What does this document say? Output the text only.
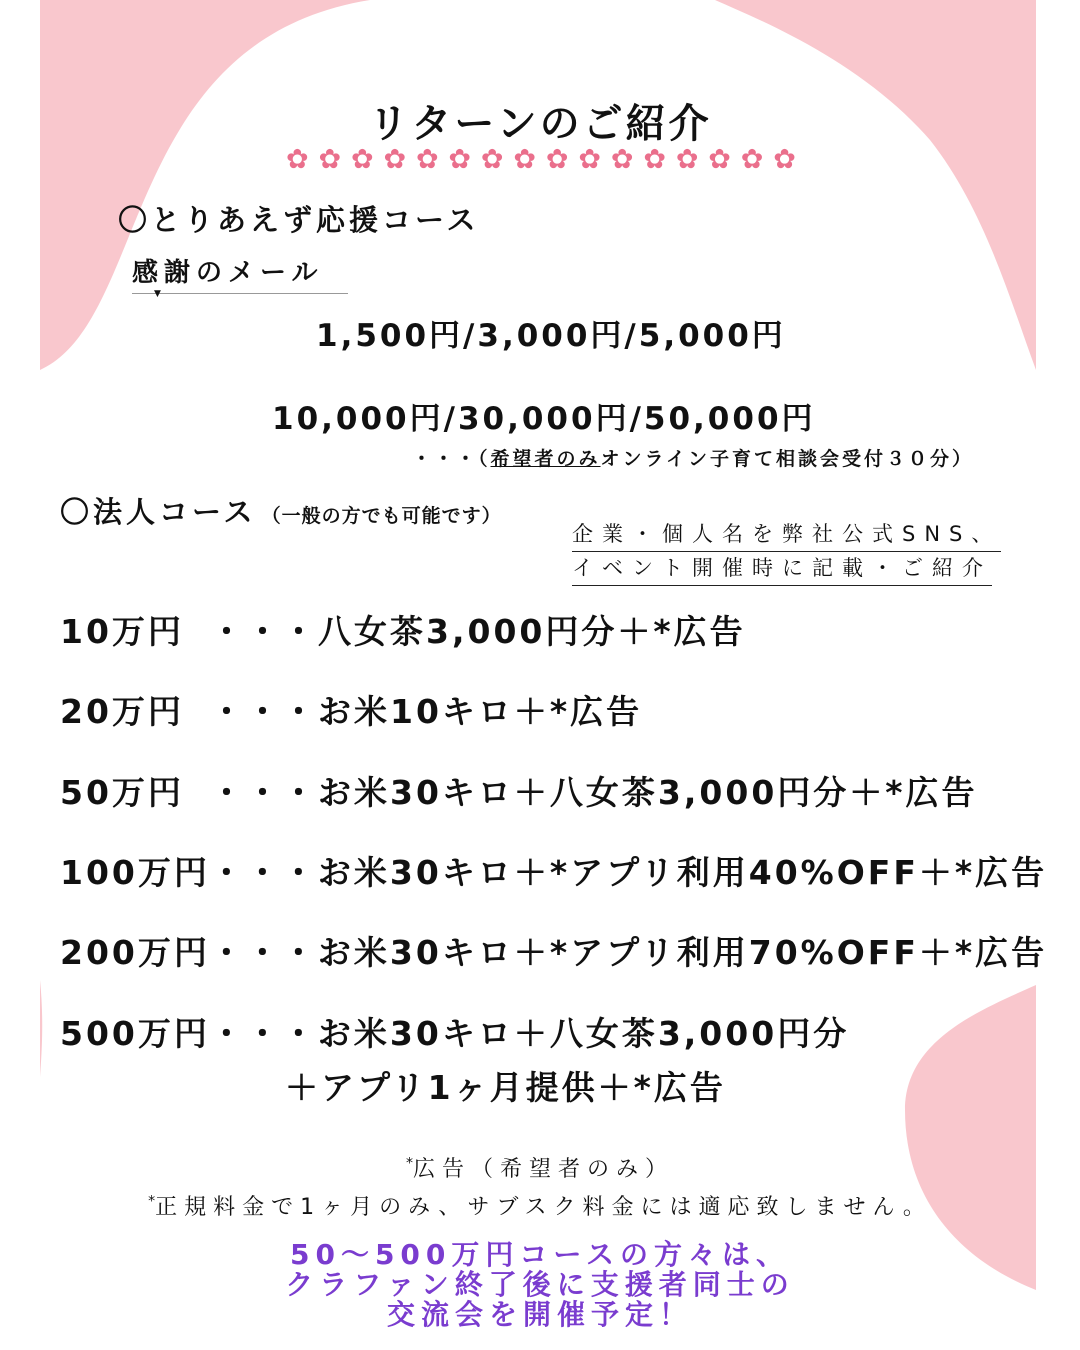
リターンのご紹介
✿ ✿ ✿ ✿ ✿ ✿ ✿ ✿ ✿ ✿ ✿ ✿ ✿ ✿ ✿ ✿
〇とりあえず応援コース
感謝のメール
▼
1,500円/3,000円/5,000円
10,000円/30,000円/50,000円
・・・（希望者のみオンライン子育て相談会受付３０分）
〇法人コース （一般の方でも可能です）
企業・個人名を弊社公式SNS、
イベント開催時に記載・ご紹介
10万円 ・・・八女茶3,000円分＋*広告
20万円 ・・・お米10キロ＋*広告
50万円 ・・・お米30キロ＋八女茶3,000円分＋*広告
100万円・・・お米30キロ＋*アプリ利用40%OFF＋*広告
200万円・・・お米30キロ＋*アプリ利用70%OFF＋*広告
500万円・・・お米30キロ＋八女茶3,000円分
＋アプリ1ヶ月提供＋*広告
*広告（希望者のみ）
*正規料金で1ヶ月のみ、サブスク料金には適応致しません。
50〜500万円コースの方々は、
クラファン終了後に支援者同士の
交流会を開催予定！
